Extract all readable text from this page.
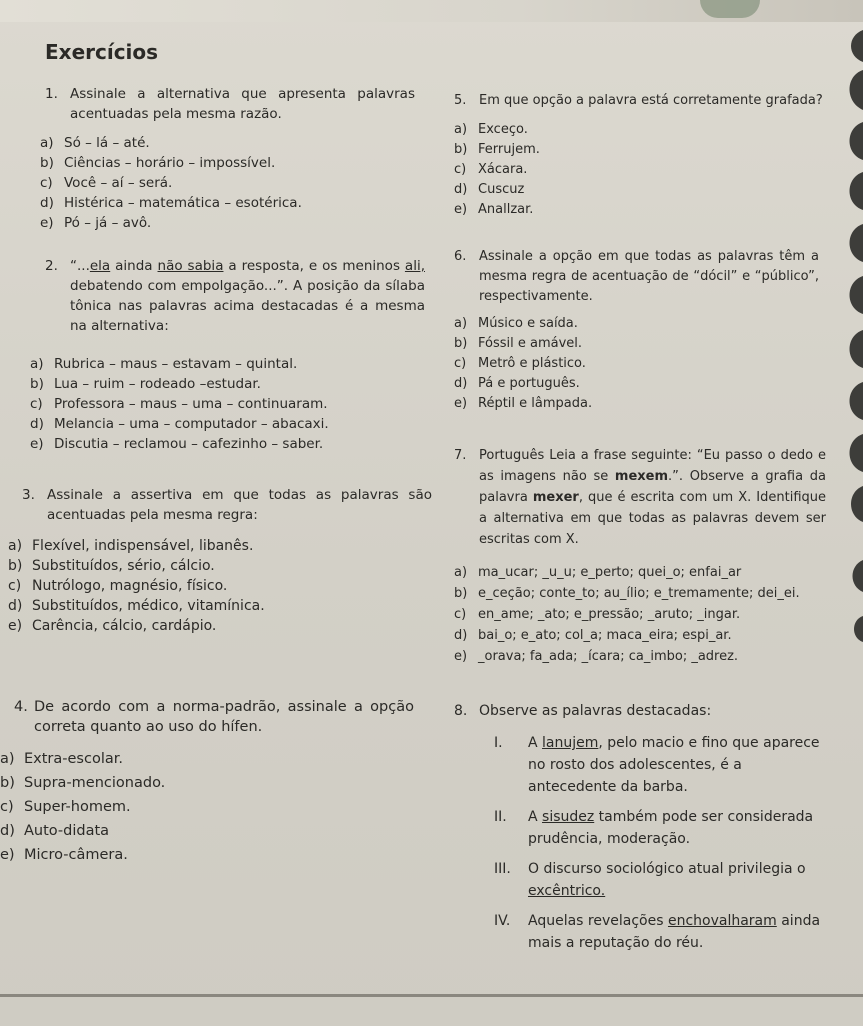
Exercícios

1. Assinale a alternativa que apresenta palavras acentuadas pela mesma razão.

a) Só – lá – até.
b) Ciências – horário – impossível.
c) Você – aí – será.
d) Histérica – matemática – esotérica.
e) Pó – já – avô.

2. “...ela ainda não sabia a resposta, e os meninos ali, debatendo com empolgação...”. A posição da sílaba tônica nas palavras acima destacadas é a mesma na alternativa:

a) Rubrica – maus – estavam – quintal.
b) Lua – ruim – rodeado –estudar.
c) Professora – maus – uma – continuaram.
d) Melancia – uma – computador – abacaxi.
e) Discutia – reclamou – cafezinho – saber.

3. Assinale a assertiva em que todas as palavras são acentuadas pela mesma regra:

a) Flexível, indispensável, libanês.
b) Substituídos, sério, cálcio.
c) Nutrólogo, magnésio, físico.
d) Substituídos, médico, vitamínica.
e) Carência, cálcio, cardápio.

4. De acordo com a norma-padrão, assinale a opção correta quanto ao uso do hífen.

a) Extra-escolar.
b) Supra-mencionado.
c) Super-homem.
d) Auto-didata
e) Micro-câmera.

5. Em que opção a palavra está corretamente grafada?

a) Exceço.
b) Ferrujem.
c) Xácara.
d) Cuscuz
e) Anallzar.

6. Assinale a opção em que todas as palavras têm a mesma regra de acentuação de “dócil” e “público”, respectivamente.

a) Músico e saída.
b) Fóssil e amável.
c) Metrô e plástico.
d) Pá e português.
e) Réptil e lâmpada.

7. Português Leia a frase seguinte: “Eu passo o dedo e as imagens não se mexem.”. Observe a grafia da palavra mexer, que é escrita com um X. Identifique a alternativa em que todas as palavras devem ser escritas com X.

a) ma_ucar; _u_u; e_perto; quei_o; enfai_ar
b) e_ceção; conte_to; au_ílio; e_tremamente; dei_ei.
c) en_ame; _ato; e_pressão; _aruto; _ingar.
d) bai_o; e_ato; col_a; maca_eira; espi_ar.
e) _orava; fa_ada; _ícara; ca_imbo; _adrez.

8. Observe as palavras destacadas:

I. A lanujem, pelo macio e fino que aparece no rosto dos adolescentes, é a antecedente da barba.
II. A sisudez também pode ser considerada prudência, moderação.
III. O discurso sociológico atual privilegia o excêntrico.
IV. Aquelas revelações enchovalharam ainda mais a reputação do réu.
